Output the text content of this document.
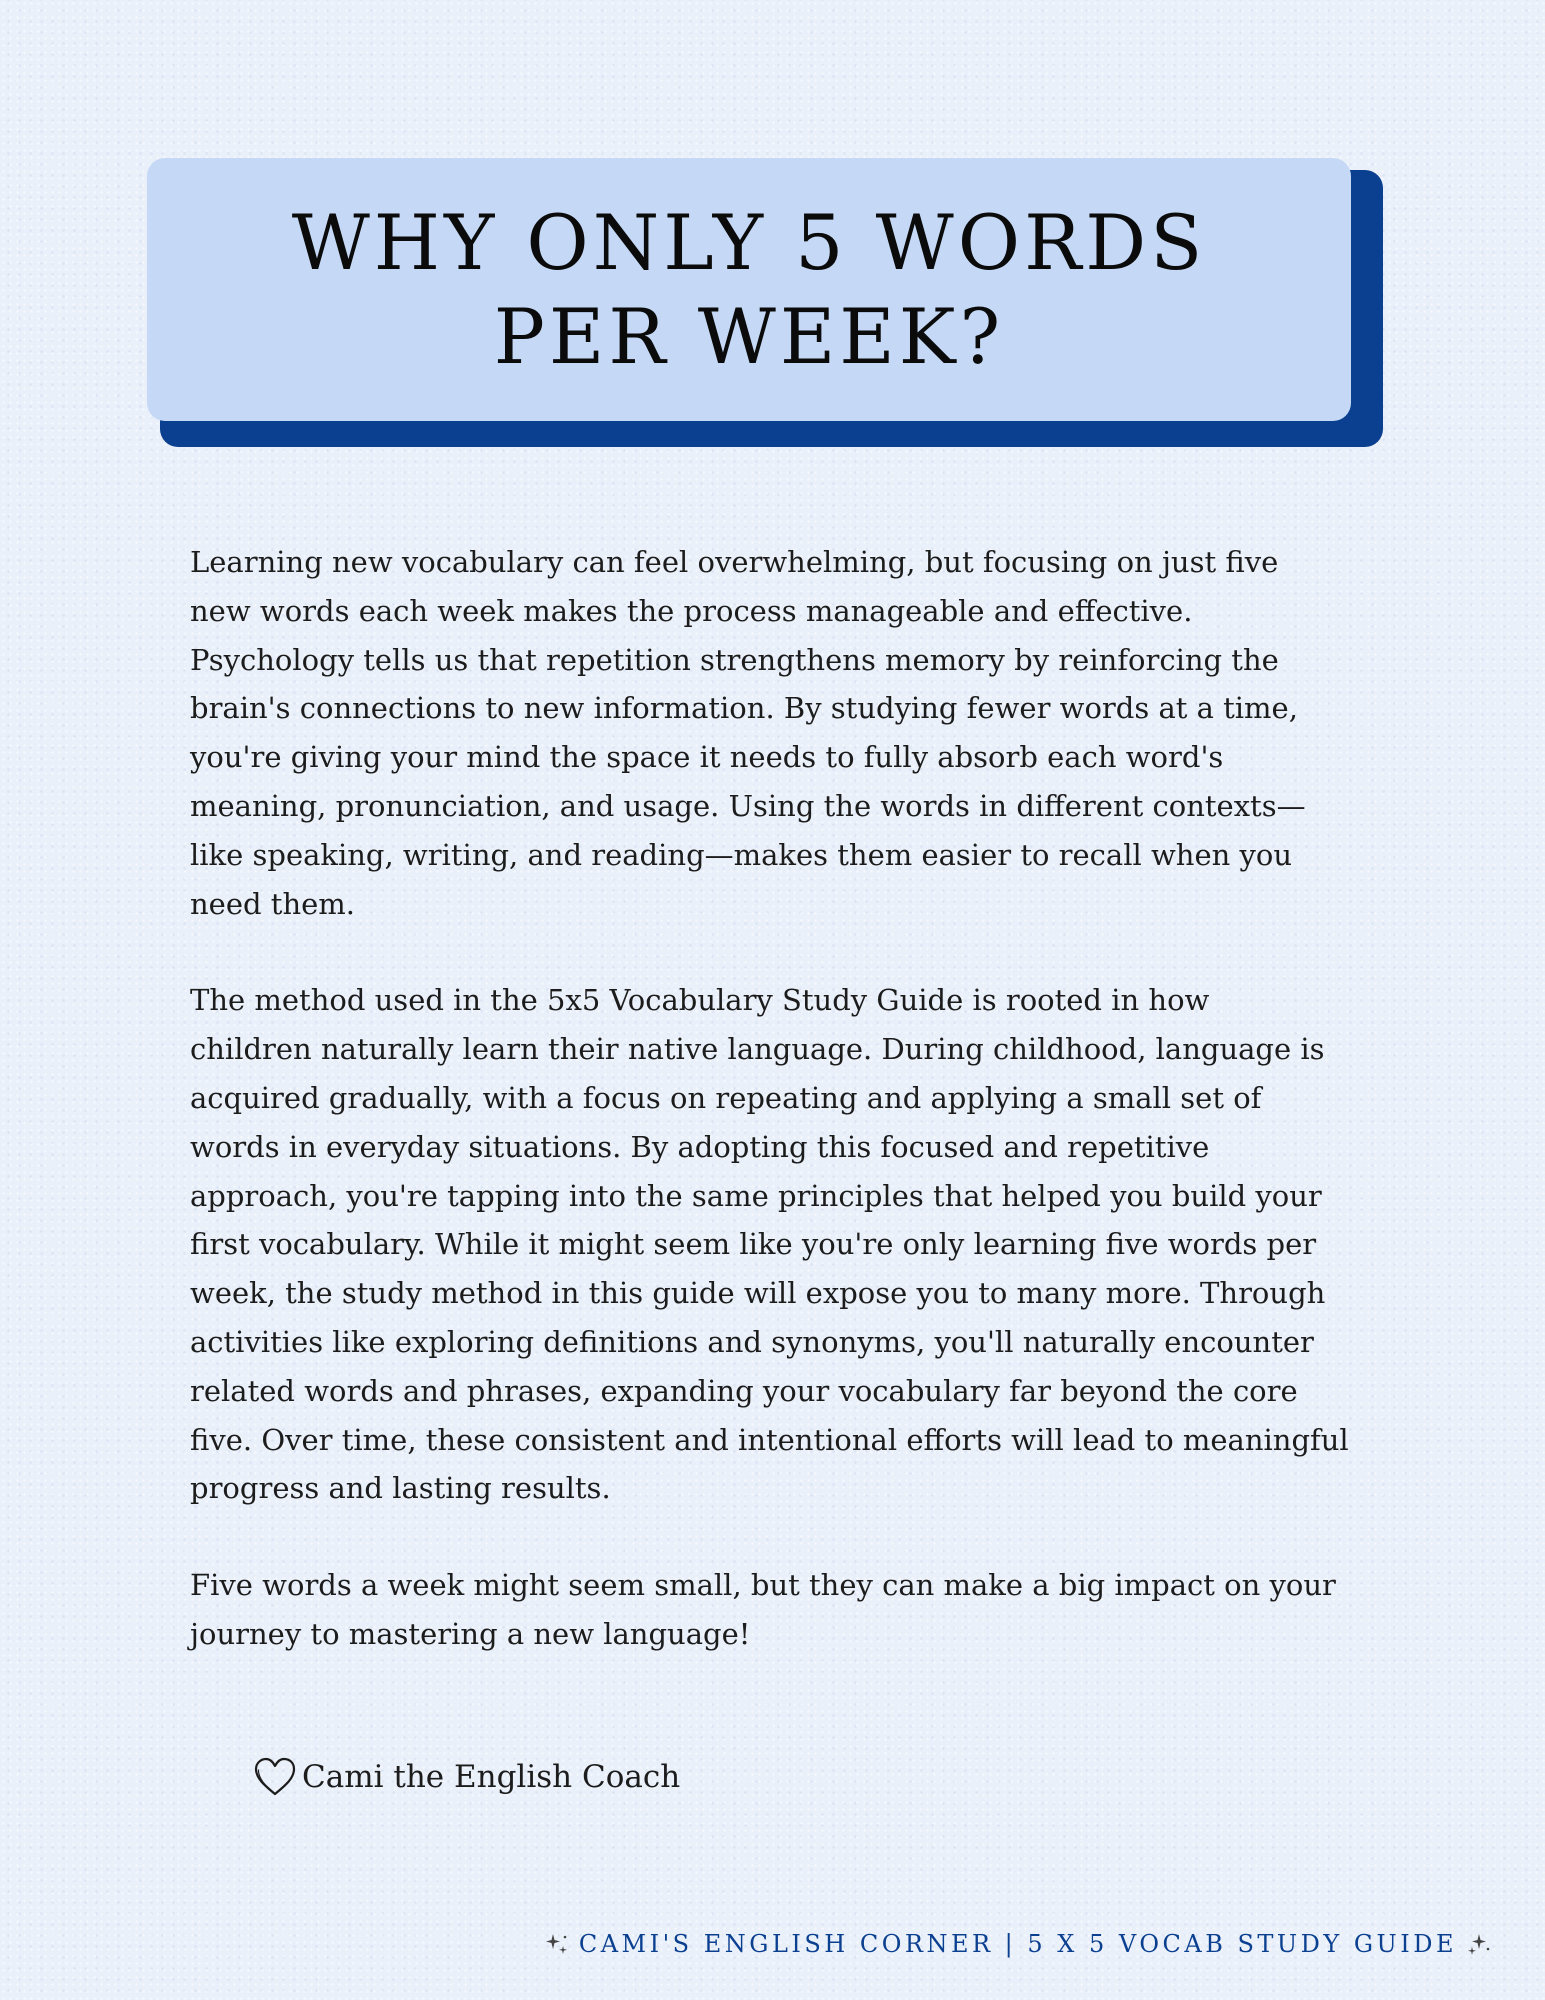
WHY ONLY 5 WORDS
PER WEEK?
Learning new vocabulary can feel overwhelming, but focusing on just five
new words each week makes the process manageable and effective.
Psychology tells us that repetition strengthens memory by reinforcing the
brain's connections to new information. By studying fewer words at a time,
you're giving your mind the space it needs to fully absorb each word's
meaning, pronunciation, and usage. Using the words in different contexts—
like speaking, writing, and reading—makes them easier to recall when you
need them.
The method used in the 5x5 Vocabulary Study Guide is rooted in how
children naturally learn their native language. During childhood, language is
acquired gradually, with a focus on repeating and applying a small set of
words in everyday situations. By adopting this focused and repetitive
approach, you're tapping into the same principles that helped you build your
first vocabulary. While it might seem like you're only learning five words per
week, the study method in this guide will expose you to many more. Through
activities like exploring definitions and synonyms, you'll naturally encounter
related words and phrases, expanding your vocabulary far beyond the core
five. Over time, these consistent and intentional efforts will lead to meaningful
progress and lasting results.
Five words a week might seem small, but they can make a big impact on your
journey to mastering a new language!
Cami the English Coach
CAMI'S ENGLISH CORNER | 5 X 5 VOCAB STUDY GUIDE
